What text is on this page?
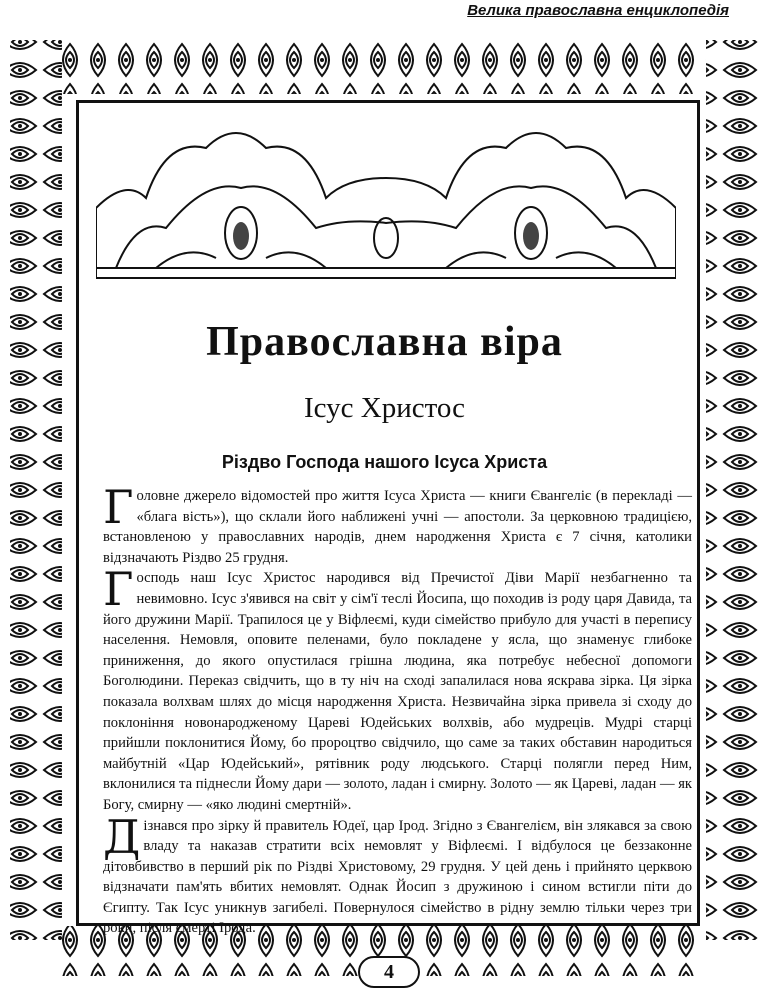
Велика православна енциклопедія
Православна віра
Ісус Христос
Різдво Господа нашого Ісуса Христа

Головне джерело відомостей про життя Ісуса Христа — книги Євангеліє (в перекладі — «блага вість»), що склали його наближені учні — апостоли. За церковною традицією, встановленою у православних народів, днем народження Христа є 7 січня, католики відзначають Різдво 25 грудня.

Господь наш Ісус Христос народився від Пречистої Діви Марії незбагненно та невимовно. Ісус з'явився на світ у сім'ї теслі Йосипа, що походив із роду царя Давида, та його дружини Марії. Трапилося це у Віфлеємі, куди сімейство прибуло для участі в перепису населення. Немовля, оповите пеленами, було покладене у ясла, що знаменує глибоке приниження, до якого опустилася грішна людина, яка потребує небесної допомоги Боголюдини. Переказ свідчить, що в ту ніч на сході запалилася нова яскрава зірка. Ця зірка показала волхвам шлях до місця народження Христа. Незвичайна зірка привела зі сходу до поклоніння новонародженому Цареві Юдейських волхвів, або мудреців. Мудрі старці прийшли поклонитися Йому, бо пророцтво свідчило, що саме за таких обставин народиться майбутній «Цар Юдейський», рятівник роду людського. Старці полягли перед Ним, вклонилися та піднесли Йому дари — золото, ладан і смирну. Золото — як Цареві, ладан — як Богу, смирну — «яко людині смертній».

Дізнався про зірку й правитель Юдеї, цар Ірод. Згідно з Євангелієм, він злякався за свою владу та наказав стратити всіх немовлят у Віфлеємі. І відбулося це беззаконне дітовбивство в перший рік по Різдві Христовому, 29 грудня. У цей день і прийнято церквою відзначати пам'ять вбитих немовлят. Однак Йосип з дружиною і сином встигли піти до Єгипту. Так Ісус уникнув загибелі. Повернулося сімейство в рідну землю тільки через три роки, після смерті Ірода.

4
